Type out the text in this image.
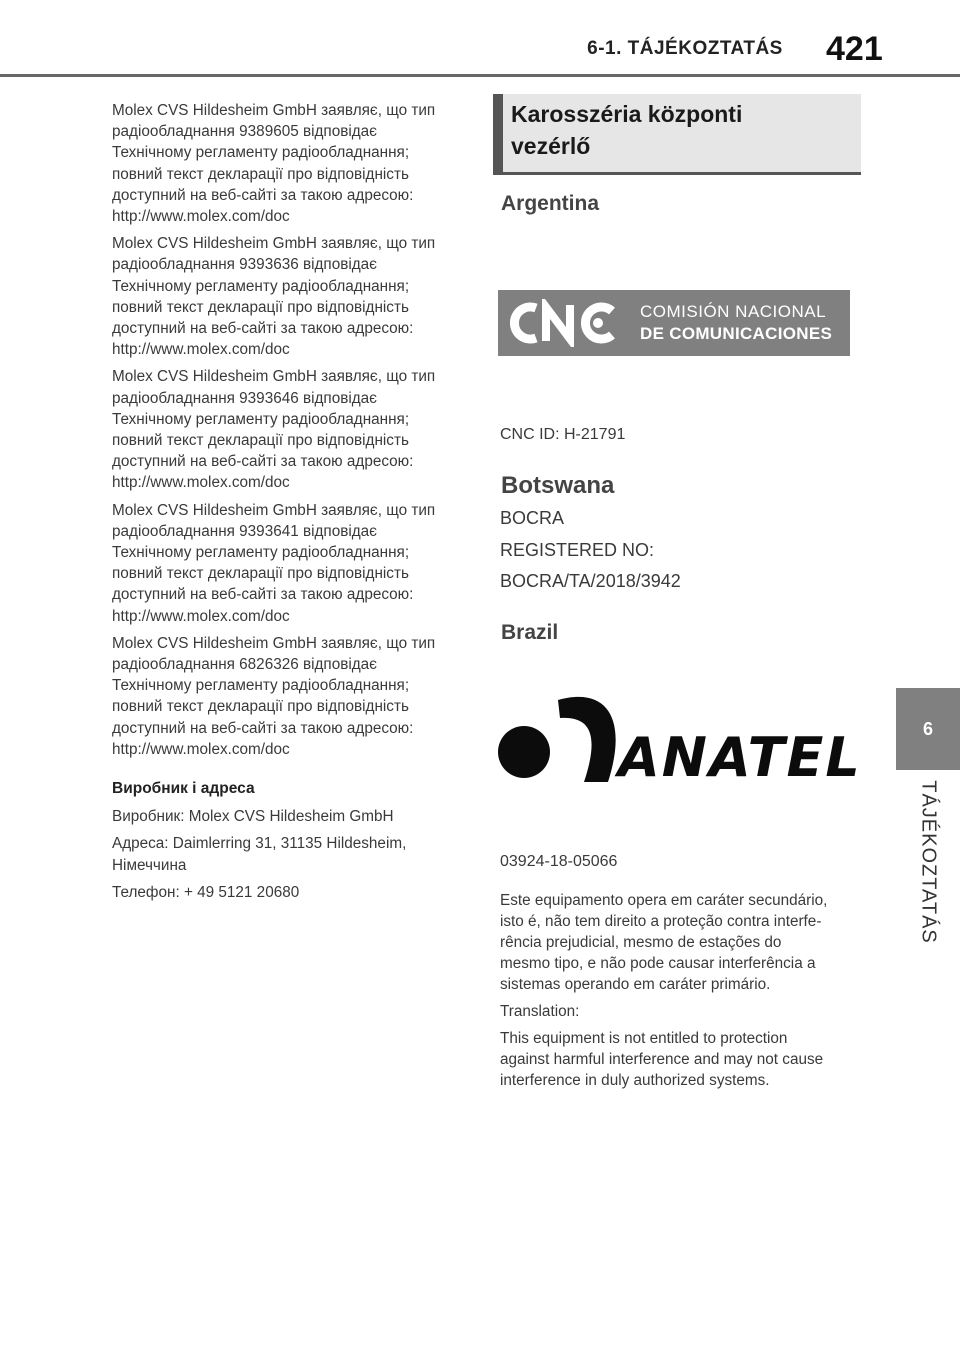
6-1. TÁJÉKOZTATÁS	421

Molex CVS Hildesheim GmbH заявляє, що тип
радіообладнання 9389605 відповідає
Технічному регламенту радіообладнання;
повний текст декларації про відповідність
доступний на веб-сайті за такою адресою:
http://www.molex.com/doc

Molex CVS Hildesheim GmbH заявляє, що тип
радіообладнання 9393636 відповідає
Технічному регламенту радіообладнання;
повний текст декларації про відповідність
доступний на веб-сайті за такою адресою:
http://www.molex.com/doc

Molex CVS Hildesheim GmbH заявляє, що тип
радіообладнання 9393646 відповідає
Технічному регламенту радіообладнання;
повний текст декларації про відповідність
доступний на веб-сайті за такою адресою:
http://www.molex.com/doc

Molex CVS Hildesheim GmbH заявляє, що тип
радіообладнання 9393641 відповідає
Технічному регламенту радіообладнання;
повний текст декларації про відповідність
доступний на веб-сайті за такою адресою:
http://www.molex.com/doc

Molex CVS Hildesheim GmbH заявляє, що тип
радіообладнання 6826326 відповідає
Технічному регламенту радіообладнання;
повний текст декларації про відповідність
доступний на веб-сайті за такою адресою:
http://www.molex.com/doc

Виробник і адреса

Виробник: Molex CVS Hildesheim GmbH

Адреса: Daimlerring 31, 31135 Hildesheim,
Німеччина

Телефон: + 49 5121 20680

Karosszéria központi
vezérlő
Argentina
COMISIÓN NACIONAL
DE COMUNICACIONES
CNC ID: H-21791
Botswana
BOCRA
REGISTERED NO:
BOCRA/TA/2018/3942
Brazil
ANATEL
03924-18-05066

Este equipamento opera em caráter secundário,
isto é, não tem direito a proteção contra interfe-
rência prejudicial, mesmo de estações do
mesmo tipo, e não pode causar interferência a
sistemas operando em caráter primário.

Translation:

This equipment is not entitled to protection
against harmful interference and may not cause
interference in duly authorized systems.

6
TÁJÉKOZTATÁS
